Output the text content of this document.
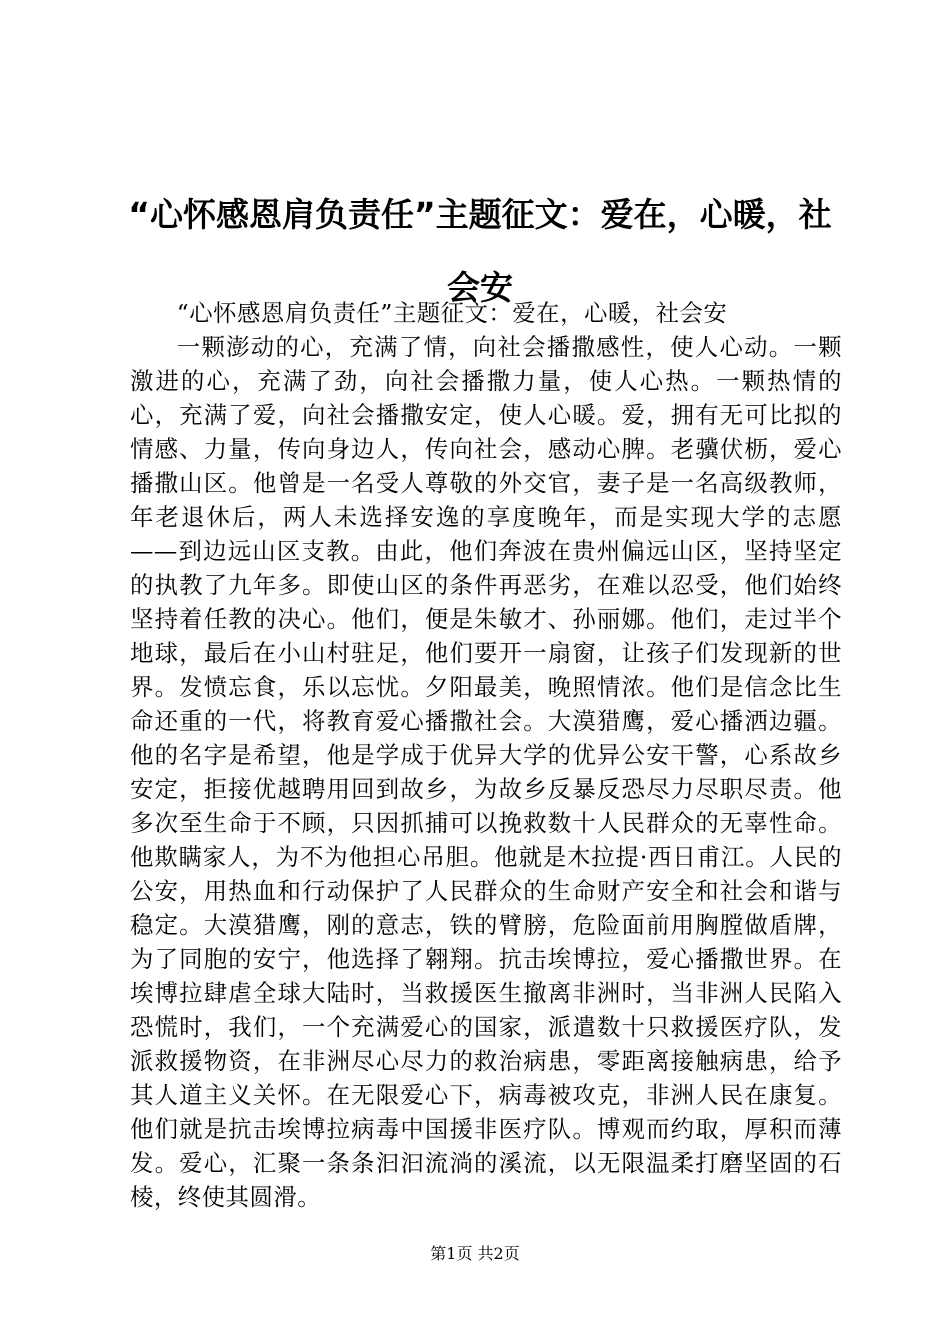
“心怀感恩肩负责任”主题征文：爱在，心暖，社会安

“心怀感恩肩负责任”主题征文：爱在，心暖，社会安

一颗澎动的心，充满了情，向社会播撒感性，使人心动。一颗激进的心，充满了劲，向社会播撒力量，使人心热。一颗热情的心，充满了爱，向社会播撒安定，使人心暖。爱，拥有无可比拟的情感、力量，传向身边人，传向社会，感动心脾。老骥伏枥，爱心播撒山区。他曾是一名受人尊敬的外交官，妻子是一名高级教师，年老退休后，两人未选择安逸的享度晚年，而是实现大学的志愿——到边远山区支教。由此，他们奔波在贵州偏远山区，坚持坚定的执教了九年多。即使山区的条件再恶劣，在难以忍受，他们始终坚持着任教的决心。他们，便是朱敏才、孙丽娜。他们，走过半个地球，最后在小山村驻足，他们要开一扇窗，让孩子们发现新的世界。发愤忘食，乐以忘忧。夕阳最美，晚照情浓。他们是信念比生命还重的一代，将教育爱心播撒社会。大漠猎鹰，爱心播洒边疆。他的名字是希望，他是学成于优异大学的优异公安干警，心系故乡安定，拒接优越聘用回到故乡，为故乡反暴反恐尽力尽职尽责。他多次至生命于不顾，只因抓捕可以挽救数十人民群众的无辜性命。他欺瞒家人，为不为他担心吊胆。他就是木拉提·西日甫江。人民的公安，用热血和行动保护了人民群众的生命财产安全和社会和谐与稳定。大漠猎鹰，刚的意志，铁的臂膀，危险面前用胸膛做盾牌，为了同胞的安宁，他选择了翱翔。抗击埃博拉，爱心播撒世界。在埃博拉肆虐全球大陆时，当救援医生撤离非洲时，当非洲人民陷入恐慌时，我们，一个充满爱心的国家，派遣数十只救援医疗队，发派救援物资，在非洲尽心尽力的救治病患，零距离接触病患，给予其人道主义关怀。在无限爱心下，病毒被攻克，非洲人民在康复。他们就是抗击埃博拉病毒中国援非医疗队。博观而约取，厚积而薄发。爱心，汇聚一条条汩汩流淌的溪流，以无限温柔打磨坚固的石棱，终使其圆滑。

第1页 共2页
